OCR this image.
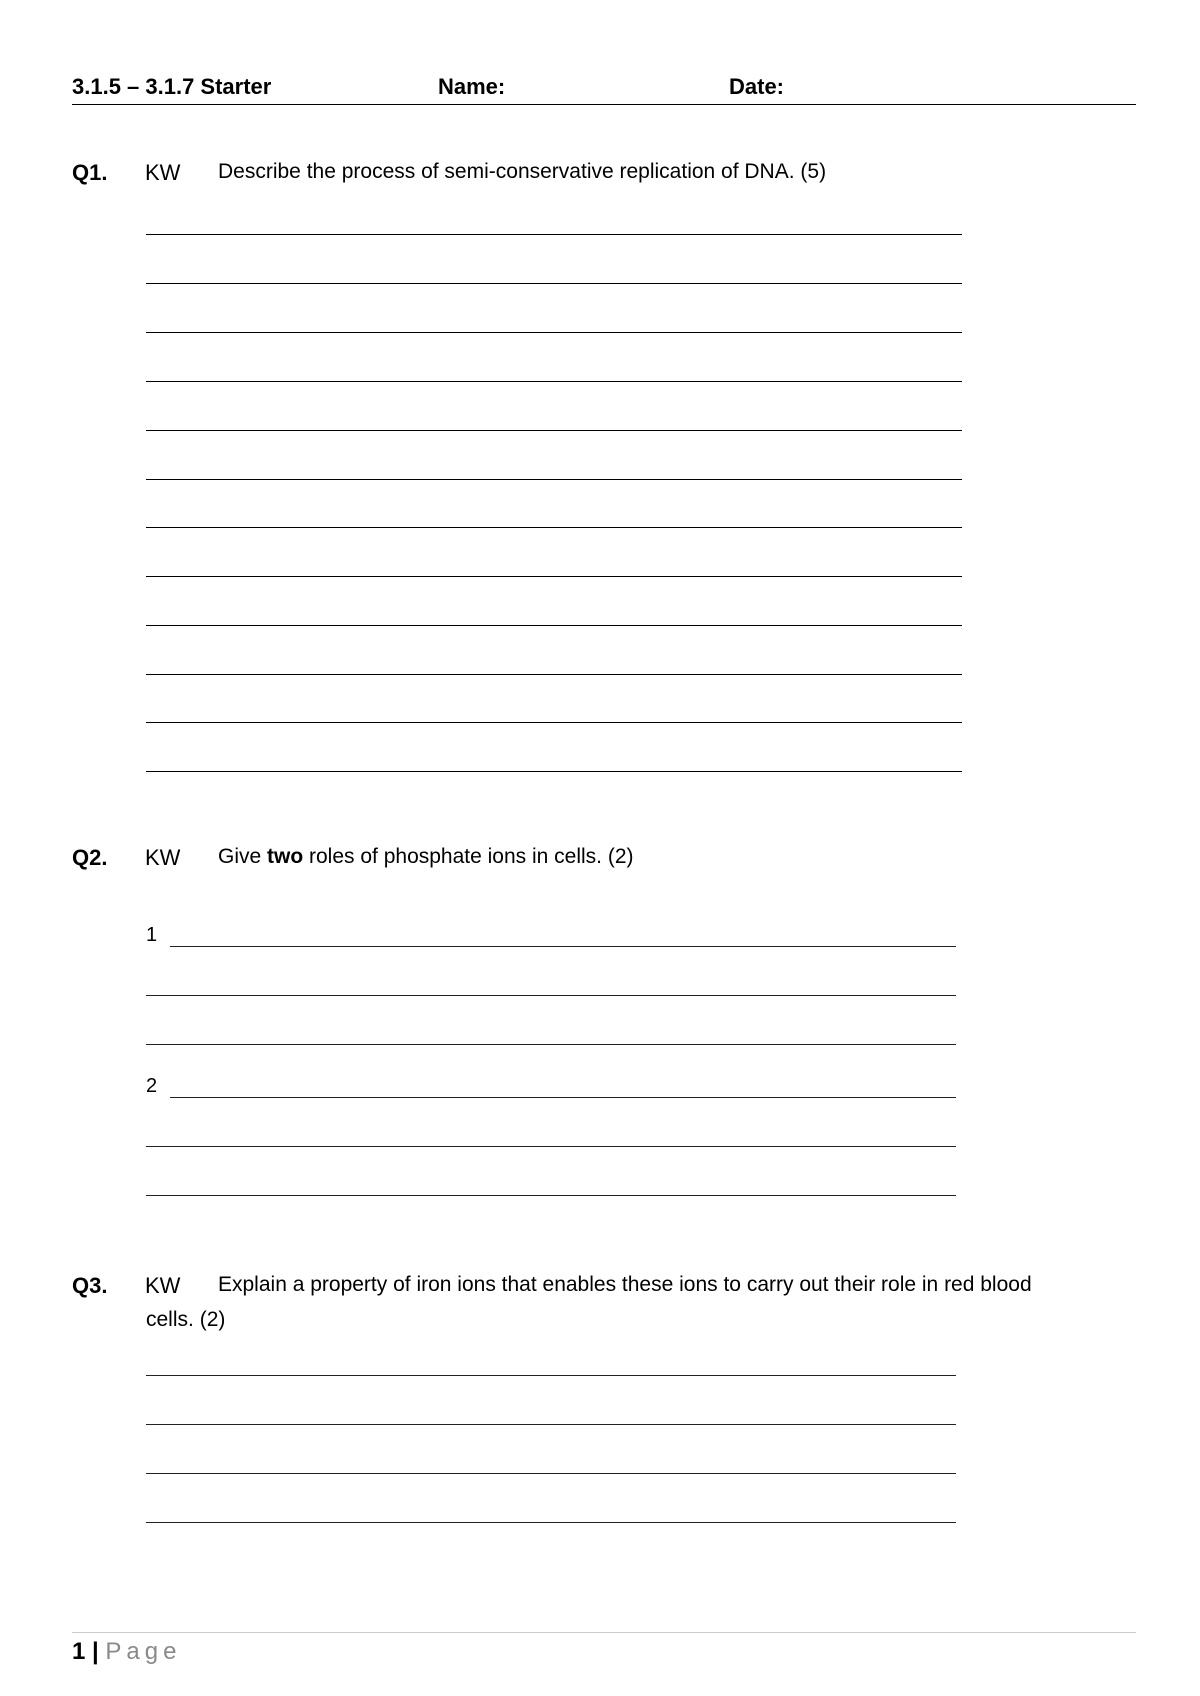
3.1.5 – 3.1.7 Starter	Name:	Date:
Q1. KW Describe the process of semi-conservative replication of DNA. (5)
Q2. KW Give two roles of phosphate ions in cells. (2)
1
2
Q3. KW Explain a property of iron ions that enables these ions to carry out their role in red blood
cells. (2)
1 | Page
